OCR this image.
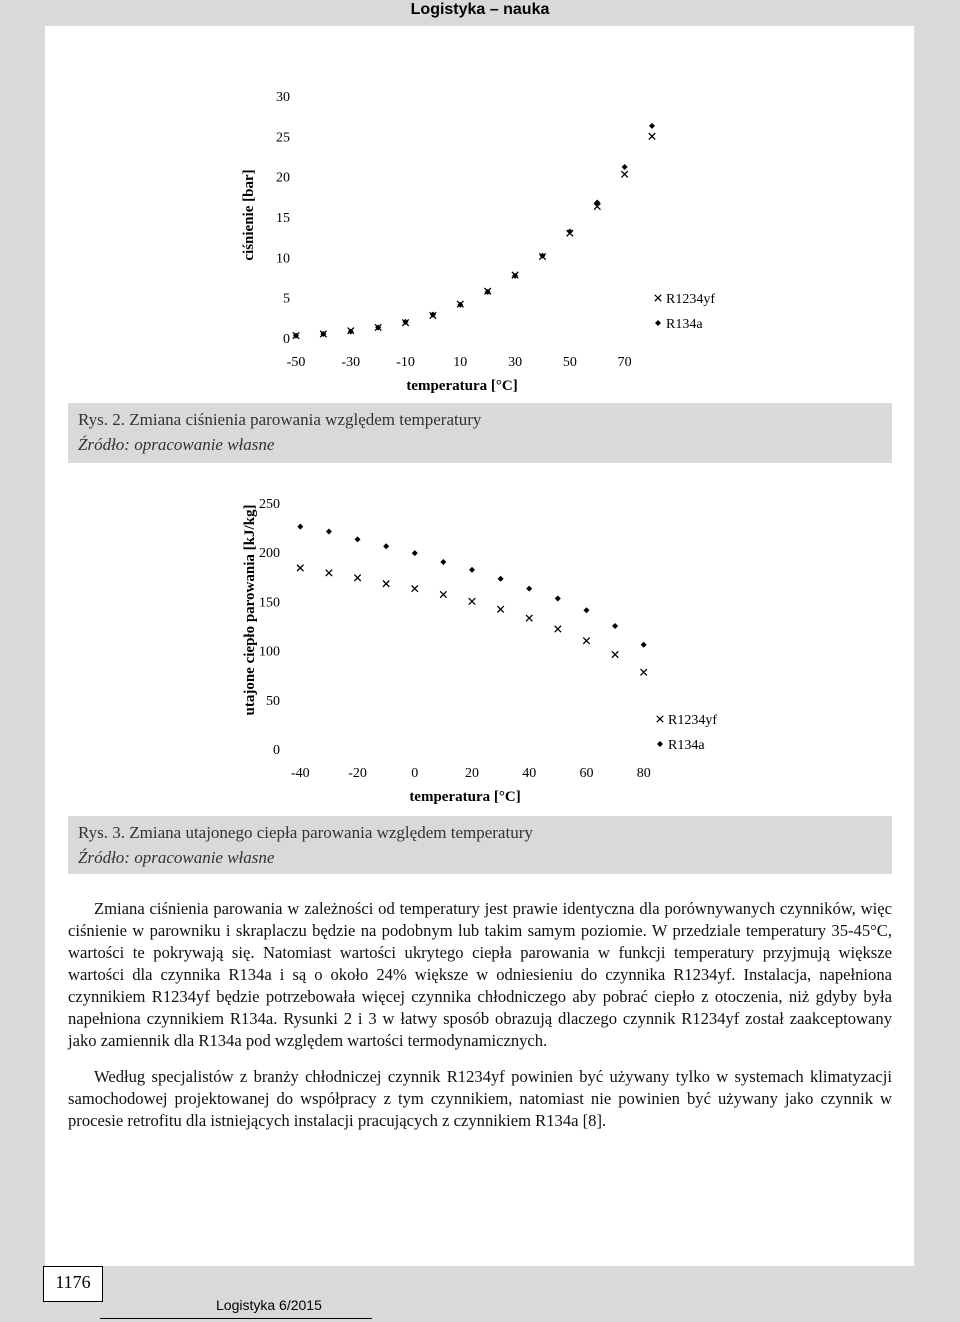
Logistyka – nauka
0
5
10
15
20
25
30
-50	-30	-10	10	30	50	70
temperatura [°C]
ciśnienie [bar]
R1234yf
R134a
Rys. 2. Zmiana ciśnienia parowania względem temperatury
Źródło: opracowanie własne
0
50
100
150
200
250
-40	-20	0	20	40	60	80
temperatura [°C]
utajone ciepło parowania [kJ/kg]
R1234yf
R134a
Rys. 3. Zmiana utajonego ciepła parowania względem temperatury
Źródło: opracowanie własne

Zmiana ciśnienia parowania w zależności od temperatury jest prawie identyczna dla porównywanych czynników, więc ciśnienie w parowniku i skraplaczu będzie na podobnym lub takim samym poziomie. W przedziale temperatury 35-45°C, wartości te pokrywają się. Natomiast wartości ukrytego ciepła parowania w funkcji temperatury przyjmują większe wartości dla czynnika R134a i są o około 24% większe w odniesieniu do czynnika R1234yf. Instalacja, napełniona czynnikiem R1234yf będzie potrzebowała więcej czynnika chłodniczego aby pobrać ciepło z otoczenia, niż gdyby była napełniona czynnikiem R134a. Rysunki 2 i 3 w łatwy sposób obrazują dlaczego czynnik R1234yf został zaakceptowany jako zamiennik dla R134a pod względem wartości termodynamicznych.

Według specjalistów z branży chłodniczej czynnik R1234yf powinien być używany tylko w systemach klimatyzacji samochodowej projektowanej do współpracy z tym czynnikiem, natomiast nie powinien być używany jako czynnik w procesie retrofitu dla istniejących instalacji pracujących z czynnikiem R134a [8].

1176
Logistyka 6/2015
